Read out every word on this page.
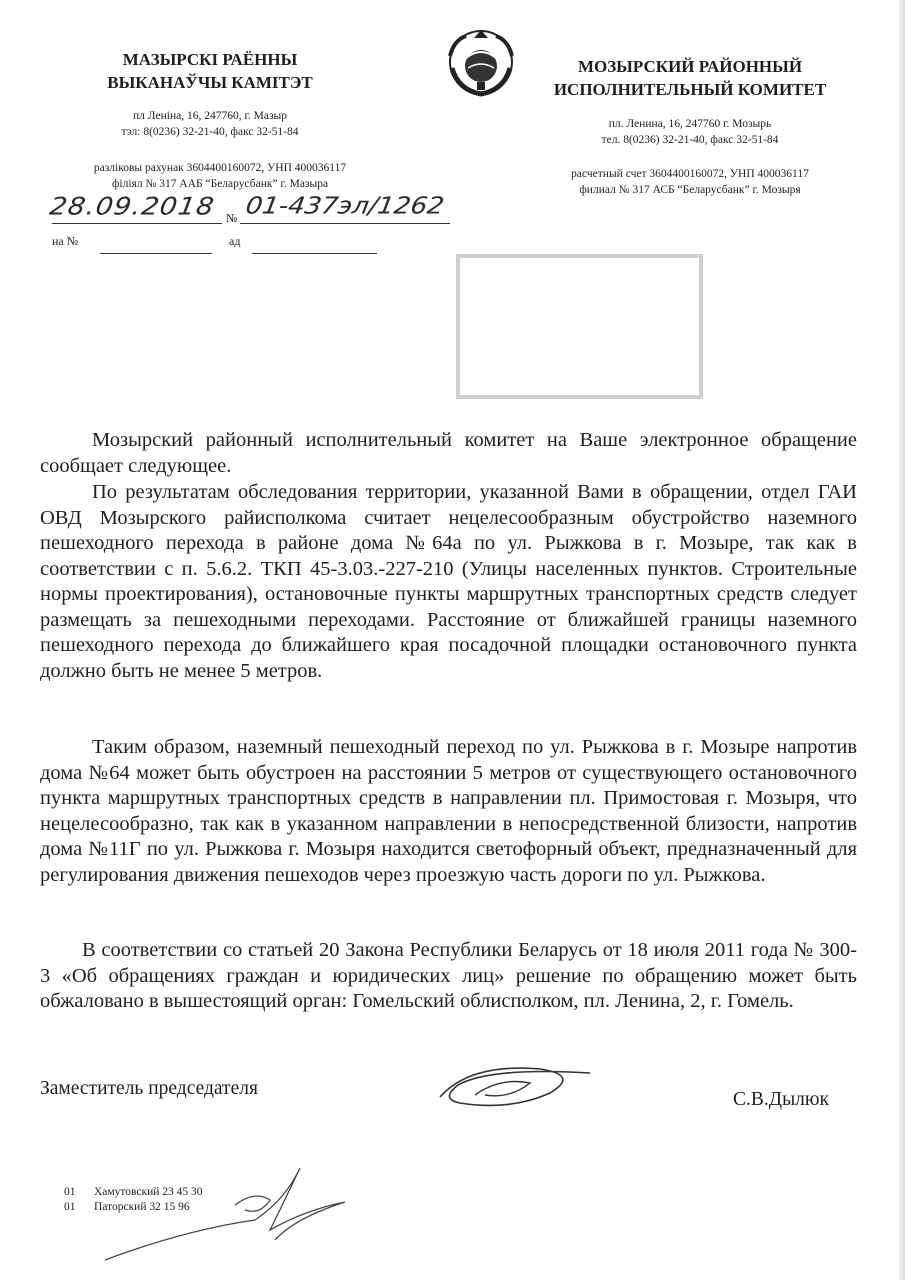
МАЗЫРСКІ РАЁННЫ
ВЫКАНАЎЧЫ КАМІТЭТ
пл Леніна, 16, 247760, г. Мазыр
тэл: 8(0236) 32-21-40, факс 32-51-84
разлiковы рахунак 3604400160072, УНП 400036117
філіял № 317 ААБ “Беларусбанк” г. Мазыра
МОЗЫРСКИЙ РАЙОННЫЙ
ИСПОЛНИТЕЛЬНЫЙ КОМИТЕТ
пл. Ленина, 16, 247760 г. Мозырь
тел. 8(0236) 32-21-40, факс 32-51-84
расчетный счет 3604400160072, УНП 400036117
филиал № 317 АСБ “Беларусбанк” г. Мозыря
28.09.2018 № 01-437эл/1262
на №	ад
Мозырский районный исполнительный комитет на Ваше электронное обращение сообщает следующее.
По результатам обследования территории, указанной Вами в обращении, отдел ГАИ ОВД Мозырского райисполкома считает нецелесообразным обустройство наземного пешеходного перехода в районе дома №64а по ул. Рыжкова в г. Мозыре, так как в соответствии с п. 5.6.2. ТКП 45-3.03.-227-210 (Улицы населенных пунктов. Строительные нормы проектирования), остановочные пункты маршрутных транспортных средств следует размещать за пешеходными переходами. Расстояние от ближайшей границы наземного пешеходного перехода до ближайшего края посадочной площадки остановочного пункта должно быть не менее 5 метров.
Таким образом, наземный пешеходный переход по ул. Рыжкова в г. Мозыре напротив дома №64 может быть обустроен на расстоянии 5 метров от существующего остановочного пункта маршрутных транспортных средств в направлении пл. Примостовая г. Мозыря, что нецелесообразно, так как в указанном направлении в непосредственной близости, напротив дома №11Г по ул. Рыжкова г. Мозыря находится светофорный объект, предназначенный для регулирования движения пешеходов через проезжую часть дороги по ул. Рыжкова.
В соответствии со статьей 20 Закона Республики Беларусь от 18 июля 2011 года № 300-3 «Об обращениях граждан и юридических лиц» решение по обращению может быть обжаловано в вышестоящий орган: Гомельский облисполком, пл. Ленина, 2, г. Гомель.
Заместитель председателя
С.В.Дылюк
01 Хамутовский 23 45 30
01 Паторский 32 15 96
